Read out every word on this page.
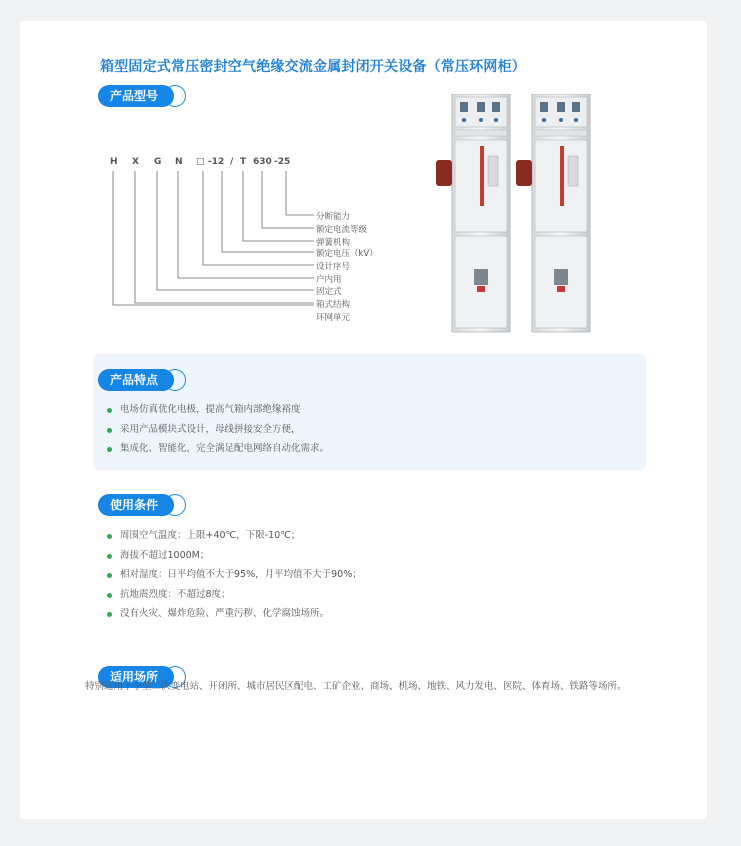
箱型固定式常压密封空气绝缘交流金属封闭开关设备（常压环网柜）
产品型号
H X G N □ -12 / T 630 -25
分断能力
额定电流等级
弹簧机构
额定电压（kV）
设计序号
户内用
固定式
箱式结构
环网单元
产品特点
电场仿真优化电极，提高气箱内部绝缘裕度
采用产品模块式设计，母线拼接安全方便，
集成化、智能化，完全满足配电网络自动化需求。
使用条件
周围空气温度：上限+40℃，下限-10℃；
海拔不超过1000M；
相对湿度：日平均值不大于95%，月平均值不大于90%；
抗地震烈度：不超过8度；
没有火灾、爆炸危险、严重污秽、化学腐蚀场所。
适用场所
特别适用于小型二次变电站、开闭所、城市居民区配电、工矿企业、商场、机场、地铁、风力发电、医院、体育场、铁路等场所。
